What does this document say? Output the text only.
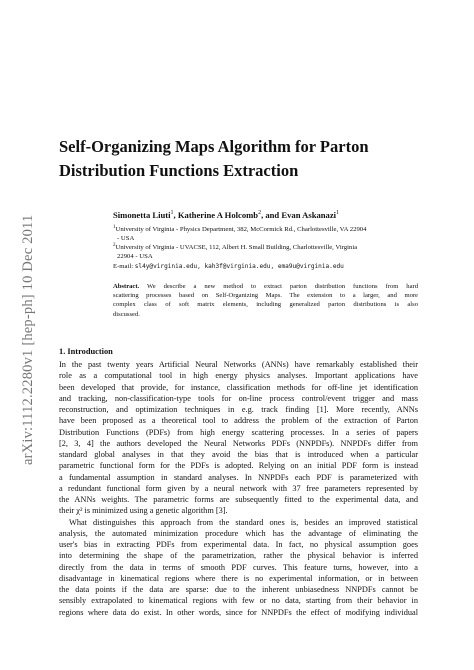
arXiv:1112.2280v1 [hep-ph] 10 Dec 2011
Self-Organizing Maps Algorithm for Parton
Distribution Functions Extraction
Simonetta Liuti$^1$, Katherine A Holcomb$^2$, and Evan Askanazi$^1$
$^1$University of Virginia - Physics Department, 382, McCormick Rd., Charlottesville, VA 22904
- USA
$^2$University of Virginia - UVACSE, 112, Albert H. Small Building, Charlottesville, Virginia
22904 - USA
E-mail: sl4y@virginia.edu, kah3f@virginia.edu, ema9u@virginia.edu
Abstract. We describe a new method to extract parton distribution functions from hard
scattering processes based on Self-Organizing Maps. The extension to a larger, and more
complex class of soft matrix elements, including generalized parton distributions is also
discussed.
1. Introduction
In the past twenty years Artificial Neural Networks (ANNs) have remarkably established their
role as a computational tool in high energy physics analyses. Important applications have
been developed that provide, for instance, classification methods for off-line jet identification
and tracking, non-classification-type tools for on-line process control/event trigger and mass
reconstruction, and optimization techniques in e.g. track finding [1]. More recently, ANNs
have been proposed as a theoretical tool to address the problem of the extraction of Parton
Distribution Functions (PDFs) from high energy scattering processes. In a series of papers
[2, 3, 4] the authors developed the Neural Networks PDFs (NNPDFs). NNPDFs differ from
standard global analyses in that they avoid the bias that is introduced when a particular
parametric functional form for the PDFs is adopted. Relying on an initial PDF form is instead
a fundamental assumption in standard analyses. In NNPDFs each PDF is parameterized with
a redundant functional form given by a neural network with 37 free parameters represented by
the ANNs weights. The parametric forms are subsequently fitted to the experimental data, and
their χ² is minimized using a genetic algorithm [3].
What distinguishes this approach from the standard ones is, besides an improved statistical
analysis, the automated minimization procedure which has the advantage of eliminating the
user's bias in extracting PDFs from experimental data. In fact, no physical assumption goes
into determining the shape of the parametrization, rather the physical behavior is inferred
directly from the data in terms of smooth PDF curves. This feature turns, however, into a
disadvantage in kinematical regions where there is no experimental information, or in between
the data points if the data are sparse: due to the inherent unbiasedness NNPDFs cannot be
sensibly extrapolated to kinematical regions with few or no data, starting from their behavior in
regions where data do exist. In other words, since for NNPDFs the effect of modifying individual
